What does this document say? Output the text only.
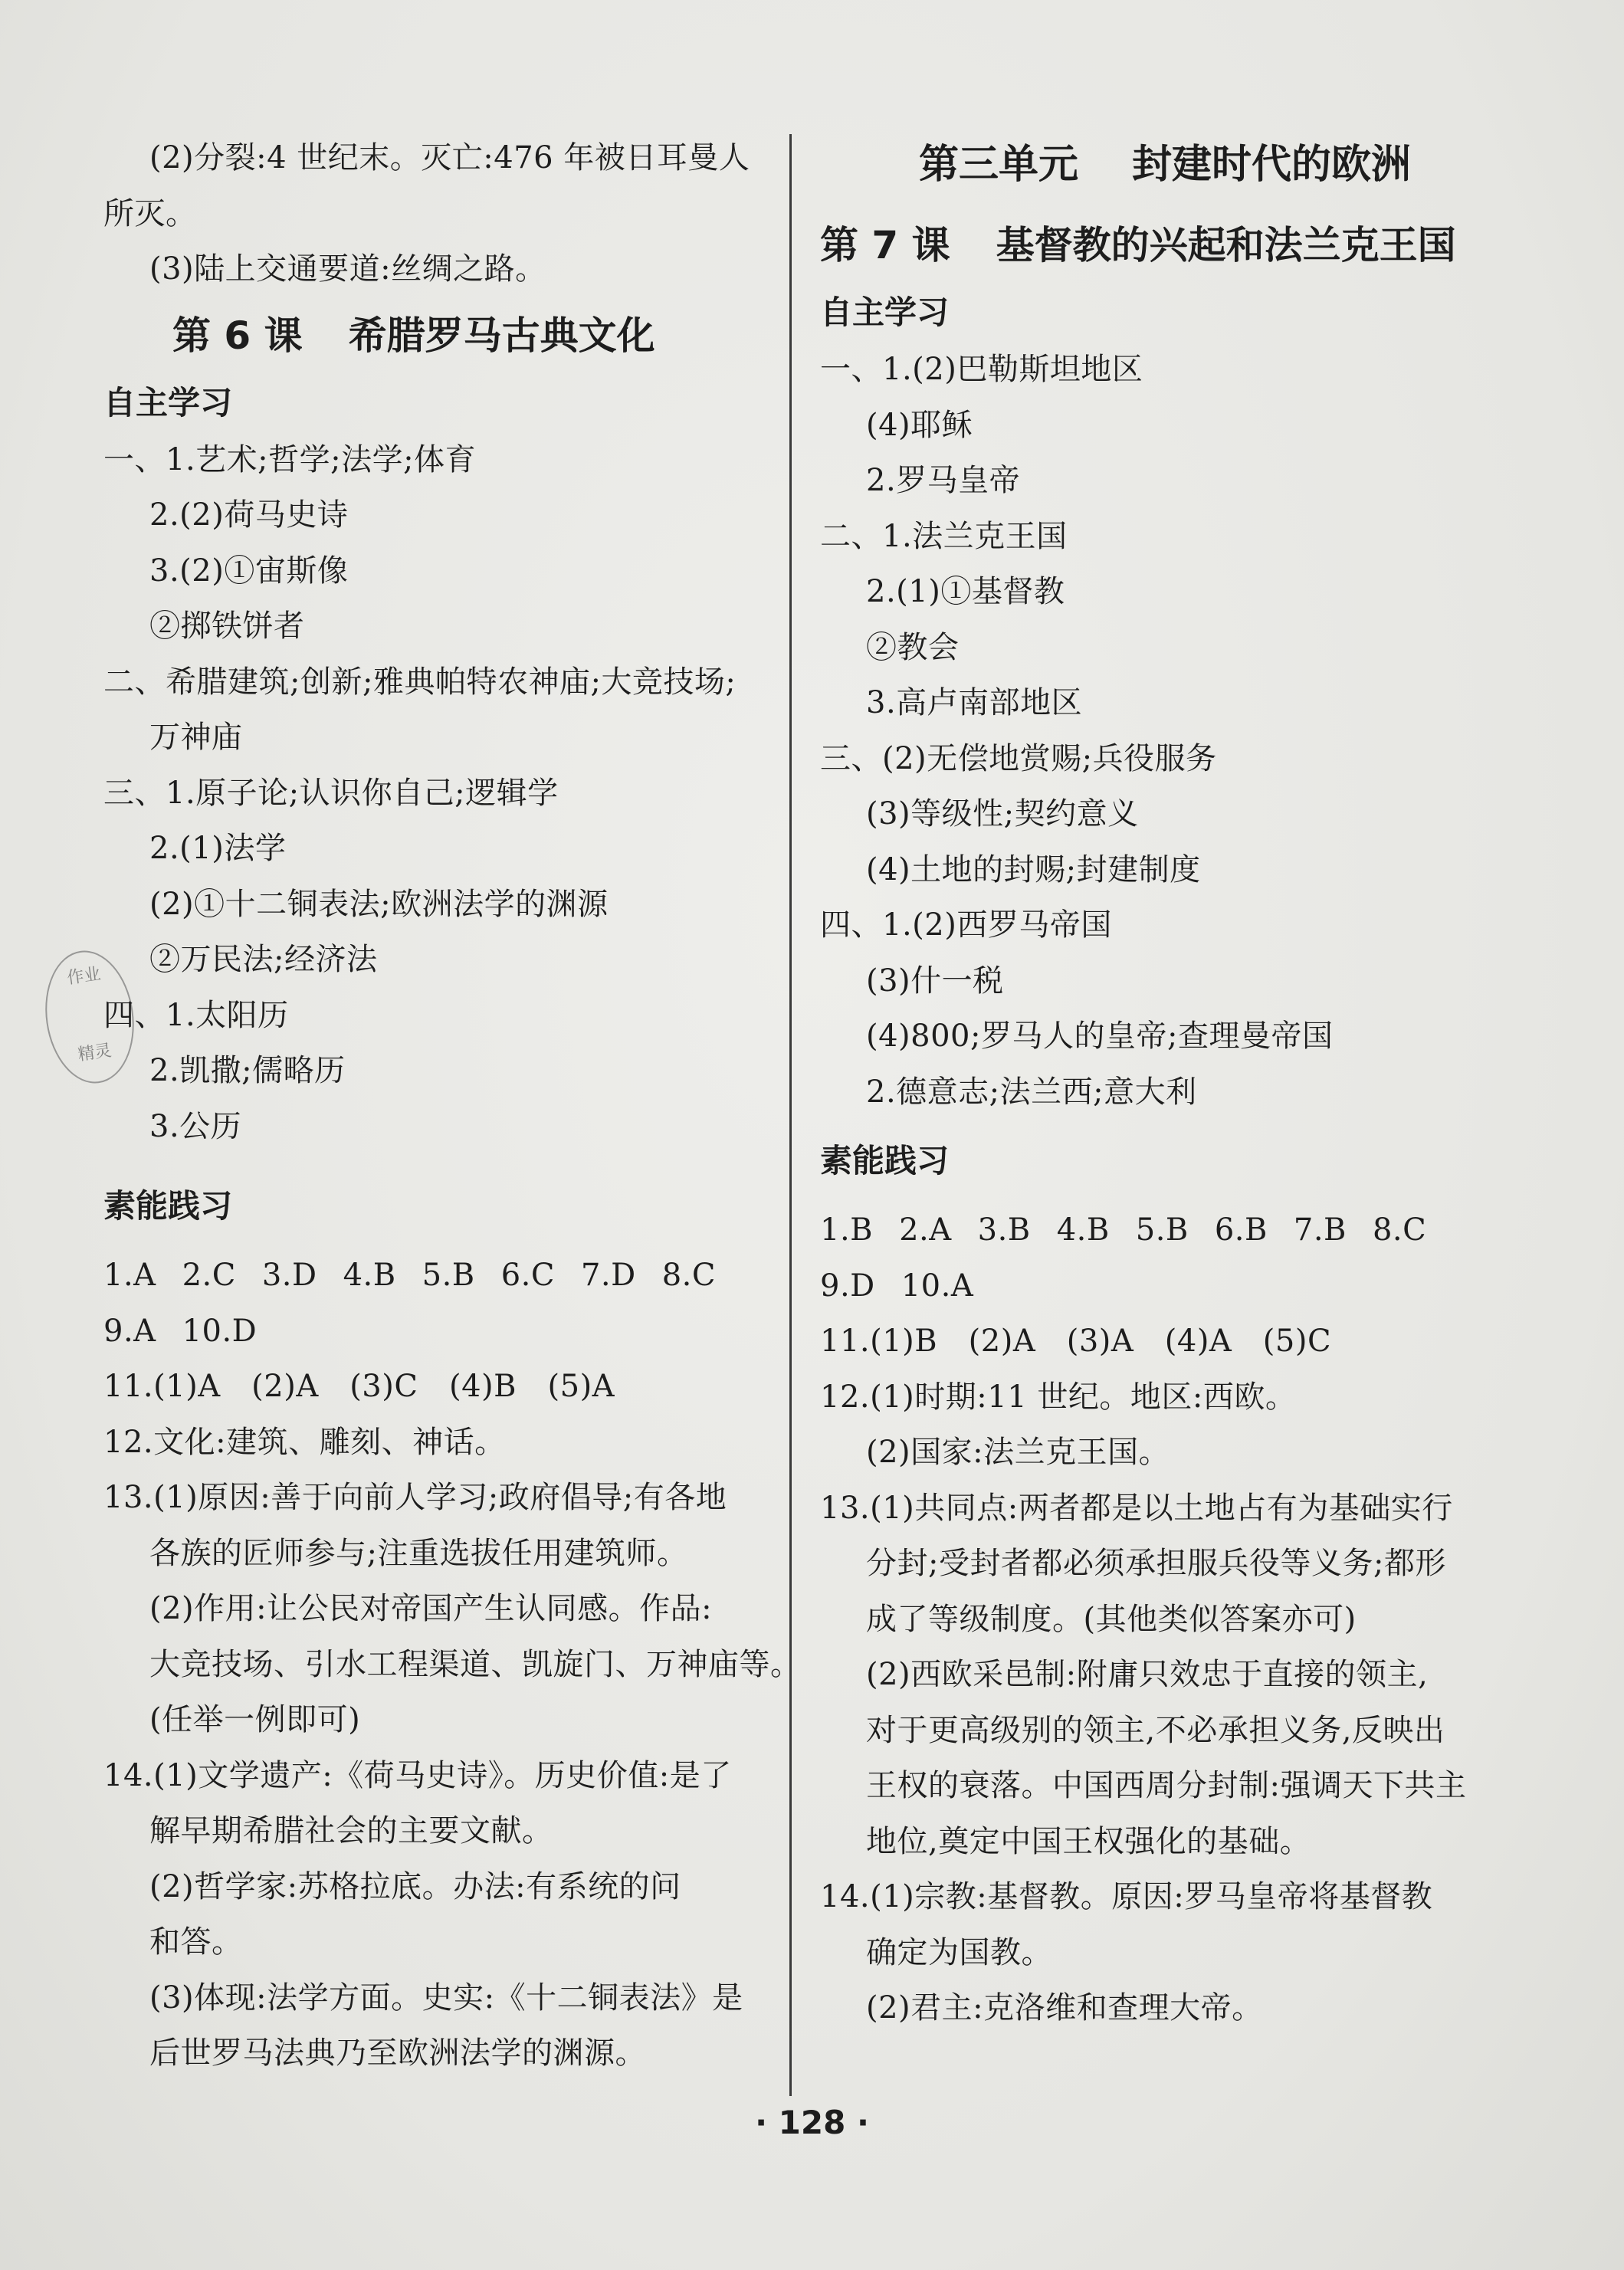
作业
精灵
(2)分裂:4 世纪末。灭亡:476 年被日耳曼人
所灭。
(3)陆上交通要道:丝绸之路。
第 6 课 希腊罗马古典文化
自主学习
一、1.艺术;哲学;法学;体育
2.(2)荷马史诗
3.(2)①宙斯像
②掷铁饼者
二、希腊建筑;创新;雅典帕特农神庙;大竞技场;
万神庙
三、1.原子论;认识你自己;逻辑学
2.(1)法学
(2)①十二铜表法;欧洲法学的渊源
②万民法;经济法
四、1.太阳历
2.凯撒;儒略历
3.公历
素能践习
1.A 2.C 3.D 4.B 5.B 6.C 7.D 8.C
9.A 10.D
11.(1)A　(2)A　(3)C　(4)B　(5)A
12.文化:建筑、雕刻、神话。
13.(1)原因:善于向前人学习;政府倡导;有各地
各族的匠师参与;注重选拔任用建筑师。
(2)作用:让公民对帝国产生认同感。作品:
大竞技场、引水工程渠道、凯旋门、万神庙等。
(任举一例即可)
14.(1)文学遗产:《荷马史诗》。历史价值:是了
解早期希腊社会的主要文献。
(2)哲学家:苏格拉底。办法:有系统的问
和答。
(3)体现:法学方面。史实:《十二铜表法》是
后世罗马法典乃至欧洲法学的渊源。
第三单元 封建时代的欧洲
第 7 课 基督教的兴起和法兰克王国
自主学习
一、1.(2)巴勒斯坦地区
(4)耶稣
2.罗马皇帝
二、1.法兰克王国
2.(1)①基督教
②教会
3.高卢南部地区
三、(2)无偿地赏赐;兵役服务
(3)等级性;契约意义
(4)土地的封赐;封建制度
四、1.(2)西罗马帝国
(3)什一税
(4)800;罗马人的皇帝;查理曼帝国
2.德意志;法兰西;意大利
素能践习
1.B 2.A 3.B 4.B 5.B 6.B 7.B 8.C
9.D 10.A
11.(1)B　(2)A　(3)A　(4)A　(5)C
12.(1)时期:11 世纪。地区:西欧。
(2)国家:法兰克王国。
13.(1)共同点:两者都是以土地占有为基础实行
分封;受封者都必须承担服兵役等义务;都形
成了等级制度。(其他类似答案亦可)
(2)西欧采邑制:附庸只效忠于直接的领主,
对于更高级别的领主,不必承担义务,反映出
王权的衰落。中国西周分封制:强调天下共主
地位,奠定中国王权强化的基础。
14.(1)宗教:基督教。原因:罗马皇帝将基督教
确定为国教。
(2)君主:克洛维和查理大帝。
· 128 ·
